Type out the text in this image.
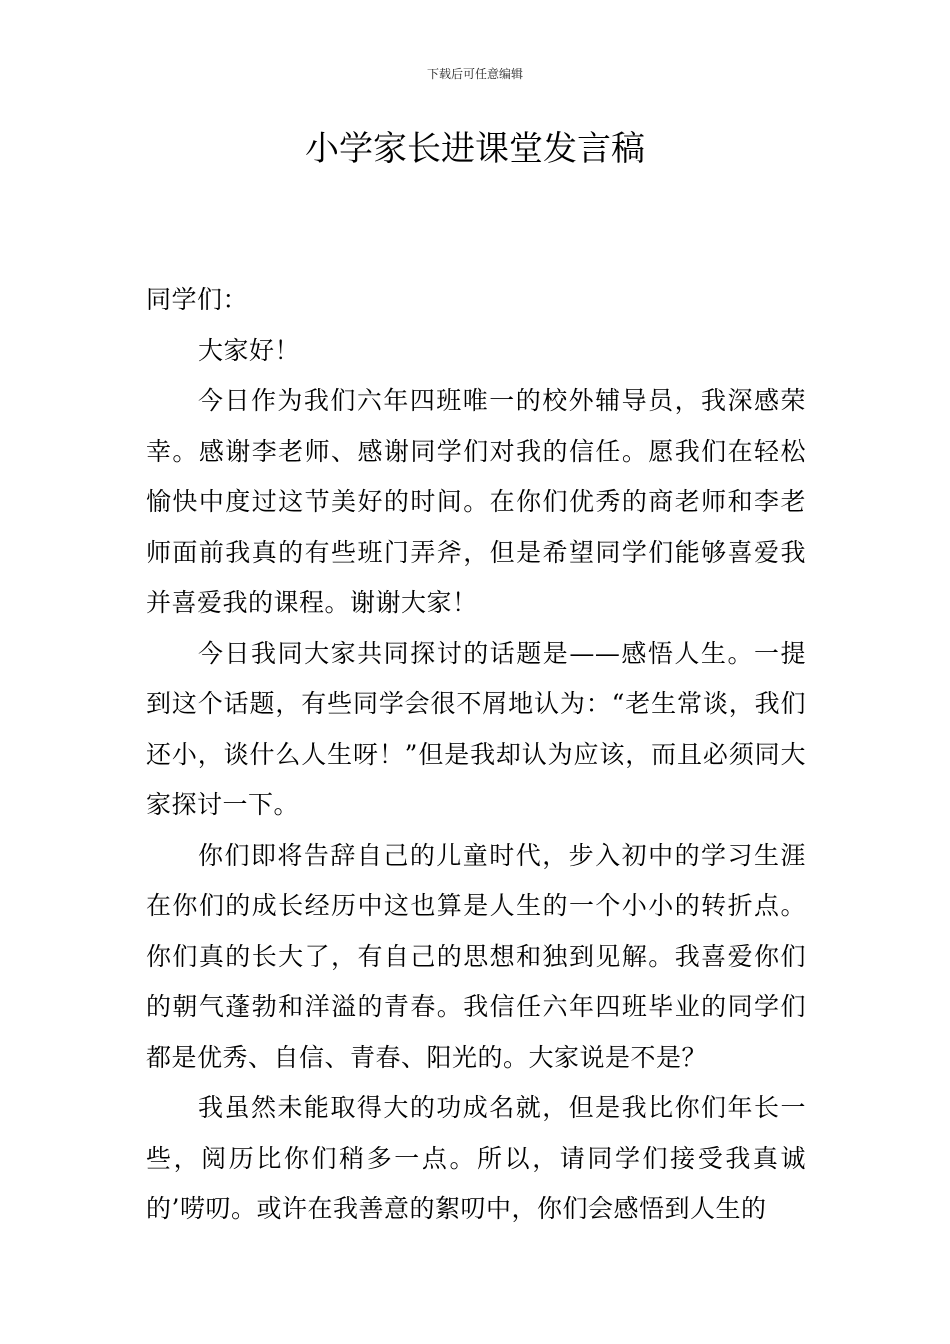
下载后可任意编辑
小学家长进课堂发言稿

同学们：

大家好！

今日作为我们六年四班唯一的校外辅导员，我深感荣幸。感谢李老师、感谢同学们对我的信任。愿我们在轻松愉快中度过这节美好的时间。在你们优秀的商老师和李老师面前我真的有些班门弄斧，但是希望同学们能够喜爱我并喜爱我的课程。谢谢大家！

今日我同大家共同探讨的话题是——感悟人生。一提到这个话题，有些同学会很不屑地认为：“老生常谈，我们还小，谈什么人生呀！”但是我却认为应该，而且必须同大家探讨一下。

你们即将告辞自己的儿童时代，步入初中的学习生涯在你们的成长经历中这也算是人生的一个小小的转折点。你们真的长大了，有自己的思想和独到见解。我喜爱你们的朝气蓬勃和洋溢的青春。我信任六年四班毕业的同学们都是优秀、自信、青春、阳光的。大家说是不是？

我虽然未能取得大的功成名就，但是我比你们年长一些，阅历比你们稍多一点。所以，请同学们接受我真诚的’唠叨。或许在我善意的絮叨中，你们会感悟到人生的
